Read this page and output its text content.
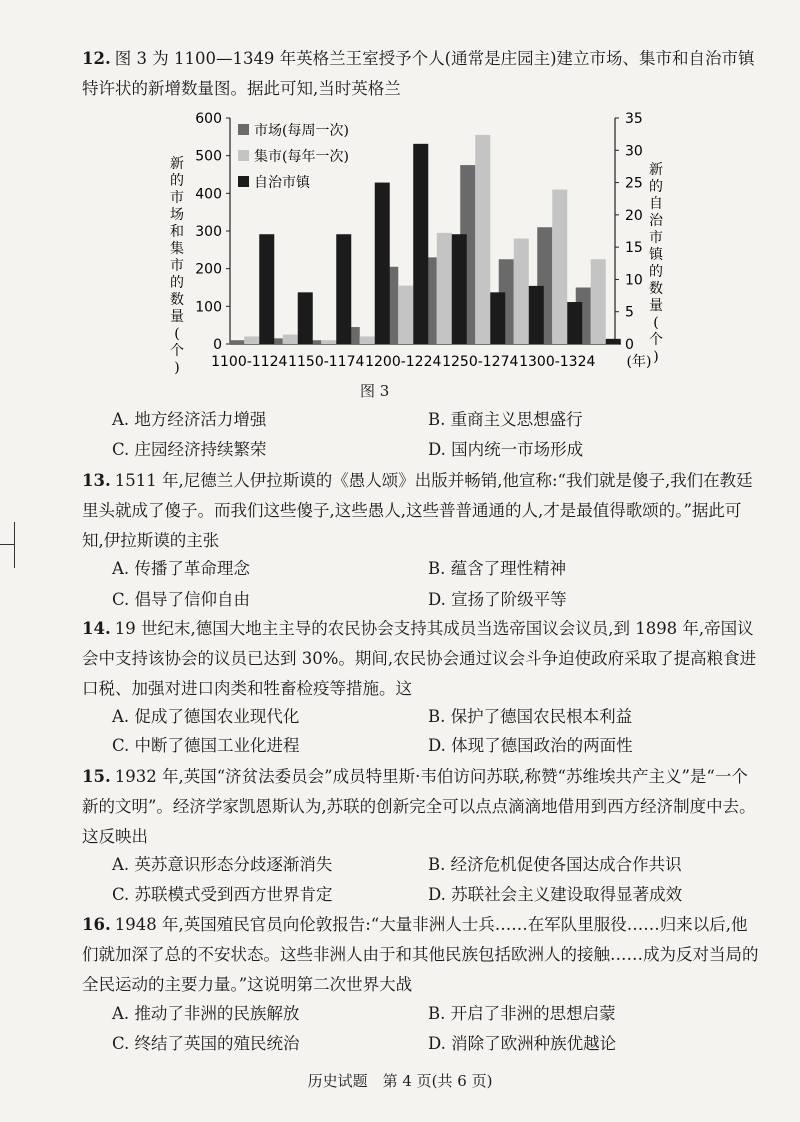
12. 图 3 为 1100—1349 年英格兰王室授予个人(通常是庄园主)建立市场、集市和自治市镇特许状的新增数量图。据此可知,当时英格兰
0
100
200
300
400
500
600
0
5
10
15
20
25
30
35
新
的
市
场
和
集
市
的
数
量
(
个
)
新
的
自
治
市
镇
的
数
量
(
个
)
1100-1124 1150-1174 1200-1224 1250-1274 1300-1324 (年)
市场(每周一次)
集市(每年一次)
自治市镇
图 3
A. 地方经济活力增强	B. 重商主义思想盛行
C. 庄园经济持续繁荣	D. 国内统一市场形成
13. 1511 年,尼德兰人伊拉斯谟的《愚人颂》出版并畅销,他宣称:“我们就是傻子,我们在教廷里头就成了傻子。而我们这些傻子,这些愚人,这些普普通通的人,才是最值得歌颂的。”据此可知,伊拉斯谟的主张
A. 传播了革命理念	B. 蕴含了理性精神
C. 倡导了信仰自由	D. 宣扬了阶级平等
14. 19 世纪末,德国大地主主导的农民协会支持其成员当选帝国议会议员,到 1898 年,帝国议会中支持该协会的议员已达到 30%。期间,农民协会通过议会斗争迫使政府采取了提高粮食进口税、加强对进口肉类和牲畜检疫等措施。这
A. 促成了德国农业现代化	B. 保护了德国农民根本利益
C. 中断了德国工业化进程	D. 体现了德国政治的两面性
15. 1932 年,英国“济贫法委员会”成员特里斯·韦伯访问苏联,称赞“苏维埃共产主义”是“一个新的文明”。经济学家凯恩斯认为,苏联的创新完全可以点点滴滴地借用到西方经济制度中去。这反映出
A. 英苏意识形态分歧逐渐消失	B. 经济危机促使各国达成合作共识
C. 苏联模式受到西方世界肯定	D. 苏联社会主义建设取得显著成效
16. 1948 年,英国殖民官员向伦敦报告:“大量非洲人士兵……在军队里服役……归来以后,他们就加深了总的不安状态。这些非洲人由于和其他民族包括欧洲人的接触……成为反对当局的全民运动的主要力量。”这说明第二次世界大战
A. 推动了非洲的民族解放	B. 开启了非洲的思想启蒙
C. 终结了英国的殖民统治	D. 消除了欧洲种族优越论
历史试题　第 4 页(共 6 页)
